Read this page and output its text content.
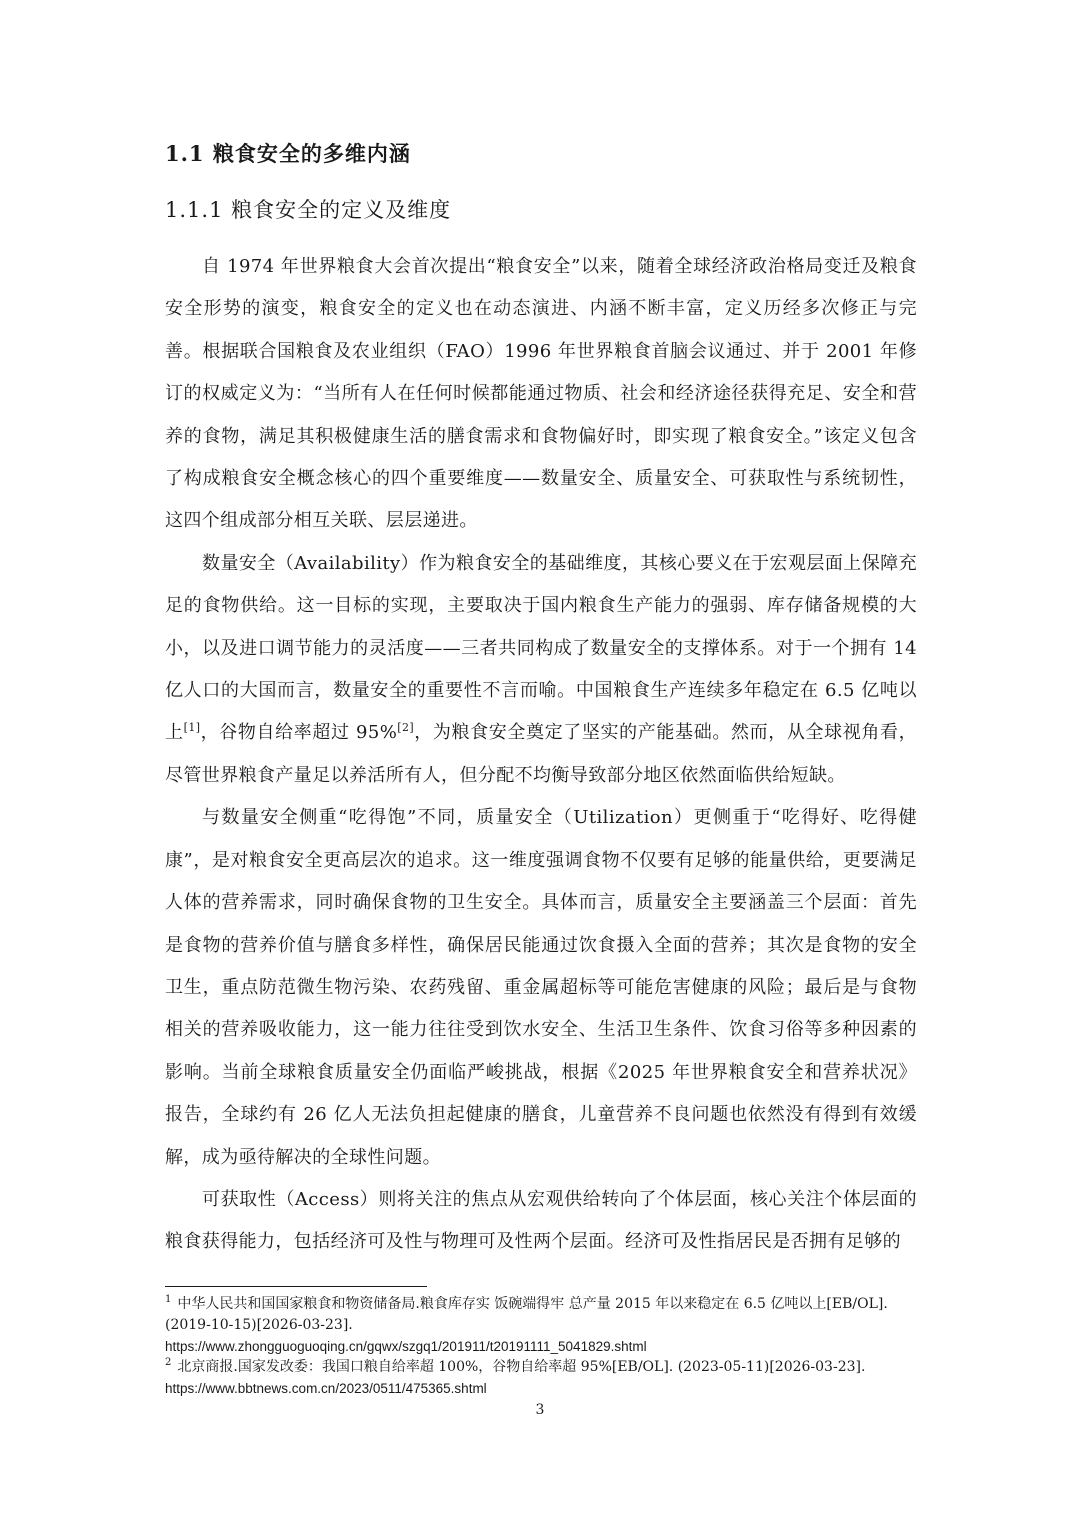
1.1 粮食安全的多维内涵
1.1.1 粮食安全的定义及维度

自 1974 年世界粮食大会首次提出“粮食安全”以来，随着全球经济政治格局变迁及粮食安全形势的演变，粮食安全的定义也在动态演进、内涵不断丰富，定义历经多次修正与完善。根据联合国粮食及农业组织（FAO）1996 年世界粮食首脑会议通过、并于 2001 年修订的权威定义为：“当所有人在任何时候都能通过物质、社会和经济途径获得充足、安全和营养的食物，满足其积极健康生活的膳食需求和食物偏好时，即实现了粮食安全。”该定义包含了构成粮食安全概念核心的四个重要维度——数量安全、质量安全、可获取性与系统韧性，这四个组成部分相互关联、层层递进。

数量安全（Availability）作为粮食安全的基础维度，其核心要义在于宏观层面上保障充足的食物供给。这一目标的实现，主要取决于国内粮食生产能力的强弱、库存储备规模的大小，以及进口调节能力的灵活度——三者共同构成了数量安全的支撑体系。对于一个拥有 14 亿人口的大国而言，数量安全的重要性不言而喻。中国粮食生产连续多年稳定在 6.5 亿吨以上[1]，谷物自给率超过 95%[2]，为粮食安全奠定了坚实的产能基础。然而，从全球视角看，尽管世界粮食产量足以养活所有人，但分配不均衡导致部分地区依然面临供给短缺。

与数量安全侧重“吃得饱”不同，质量安全（Utilization）更侧重于“吃得好、吃得健康”，是对粮食安全更高层次的追求。这一维度强调食物不仅要有足够的能量供给，更要满足人体的营养需求，同时确保食物的卫生安全。具体而言，质量安全主要涵盖三个层面：首先是食物的营养价值与膳食多样性，确保居民能通过饮食摄入全面的营养；其次是食物的安全卫生，重点防范微生物污染、农药残留、重金属超标等可能危害健康的风险；最后是与食物相关的营养吸收能力，这一能力往往受到饮水安全、生活卫生条件、饮食习俗等多种因素的影响。当前全球粮食质量安全仍面临严峻挑战，根据《2025 年世界粮食安全和营养状况》报告，全球约有 26 亿人无法负担起健康的膳食，儿童营养不良问题也依然没有得到有效缓解，成为亟待解决的全球性问题。

可获取性（Access）则将关注的焦点从宏观供给转向了个体层面，核心关注个体层面的粮食获得能力，包括经济可及性与物理可及性两个层面。经济可及性指居民是否拥有足够的

$^1$ 中华人民共和国国家粮食和物资储备局.粮食库存实 饭碗端得牢 总产量 2015 年以来稳定在 6.5 亿吨以上[EB/OL]. (2019-10-15)[2026-03-23].
https://www.zhongguoguoqing.cn/gqwx/szgq1/201911/t20191111_5041829.shtml

$^2$ 北京商报.国家发改委：我国口粮自给率超 100%，谷物自给率超 95%[EB/OL]. (2023-05-11)[2026-03-23].
https://www.bbtnews.com.cn/2023/0511/475365.shtml

3
